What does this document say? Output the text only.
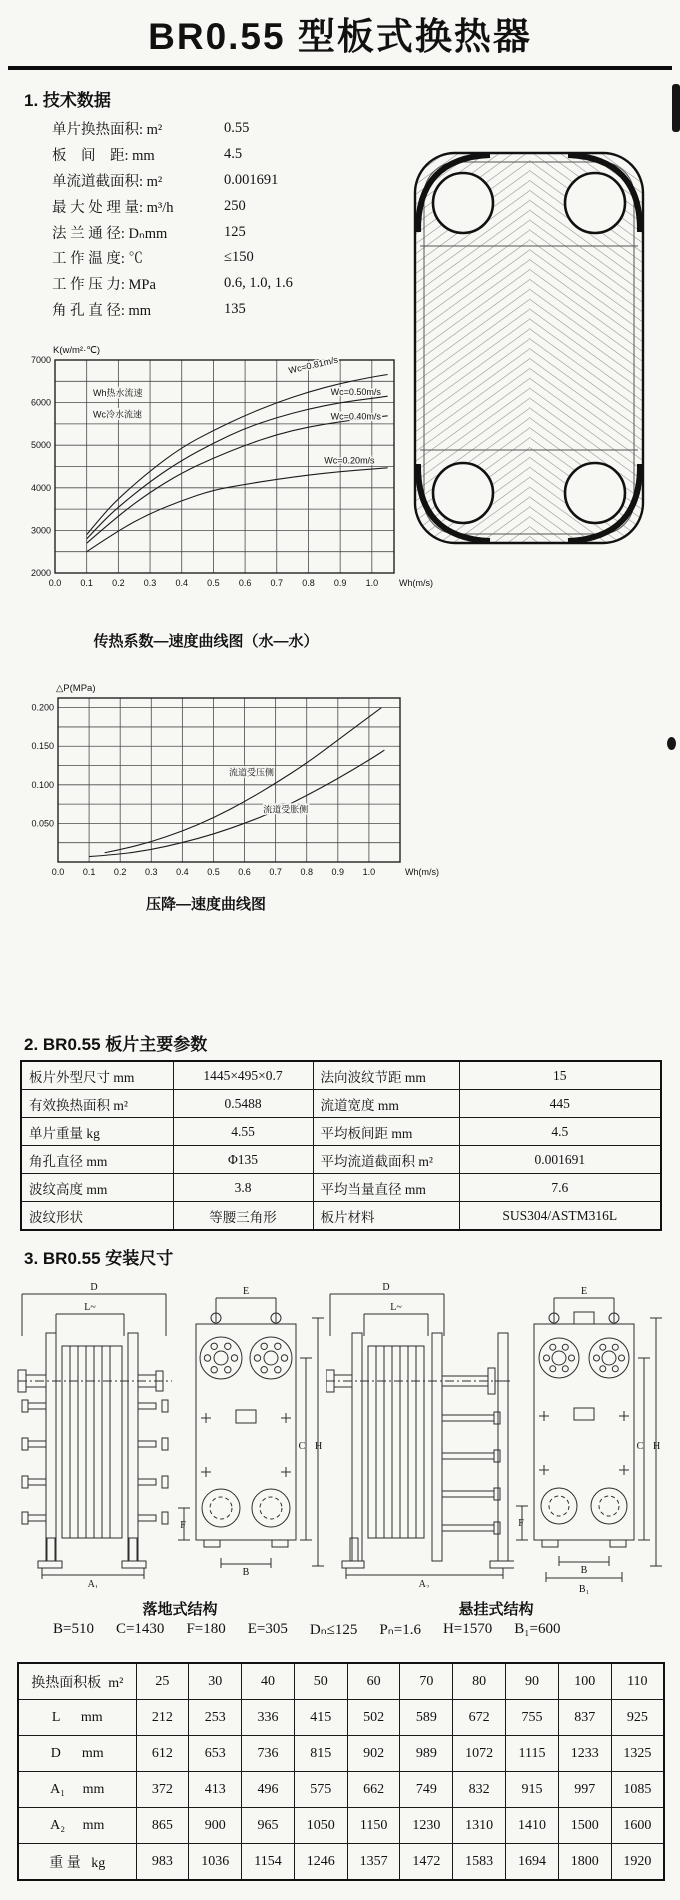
BR0.55 型板式换热器
1. 技术数据
单片换热面积: m²	0.55
板　间　距: mm	4.5
单流道截面积: m²	0.001691
最 大 处 理 量: m³/h	250
法 兰 通 径: Dₙmm	125
工 作 温 度: ℃	≤150
工 作 压 力: MPa	0.6, 1.0, 1.6
角 孔 直 径: mm	135
2000
3000
4000
5000
6000
7000
0.0 0.1 0.2 0.3 0.4 0.5 0.6 0.7 0.8 0.9 1.0 Wh(m/s)
K(w/m²·℃)
Wh热水流速
Wc冷水流速
Wc=0.81m/s
Wc=0.50m/s
Wc=0.40m/s
Wc=0.20m/s
传热系数—速度曲线图（水—水）
0.050
0.100
0.150
0.200
0.0 0.1 0.2 0.3 0.4 0.5 0.6 0.7 0.8 0.9 1.0	Wh(m/s)
△P(MPa)
流道受压侧
流道受胀侧
压降—速度曲线图
2. BR0.55 板片主要参数
板片外型尺寸 mm	1445×495×0.7	法向波纹节距 mm	15
有效换热面积 m²	0.5488	流道宽度 mm	445
单片重量 kg	4.55	平均板间距 mm	4.5
角孔直径 mm	Φ135	平均流道截面积 m²	0.001691
波纹高度 mm	3.8	平均当量直径 mm	7.6
波纹形状	等腰三角形	板片材料	SUS304/ASTM316L
3. BR0.55 安装尺寸
D
L~
A₁
E
C H
F
B
D
L~
A₂
E
C H
F
B
B₁
落地式结构	悬挂式结构
B=510	C=1430	F=180	E=305	Dₙ≤125	Pₙ=1.6	H=1570	B₁=600
换热面积板  m²	25	30	40	50	60	70	80	90	100	110
L      mm	212	253	336	415	502	589	672	755	837	925
D      mm	612	653	736	815	902	989	1072	1115	1233	1325
A₁     mm	372	413	496	575	662	749	832	915	997	1085
A₂     mm	865	900	965	1050	1150	1230	1310	1410	1500	1600
重 量   kg	983	1036	1154	1246	1357	1472	1583	1694	1800	1920
